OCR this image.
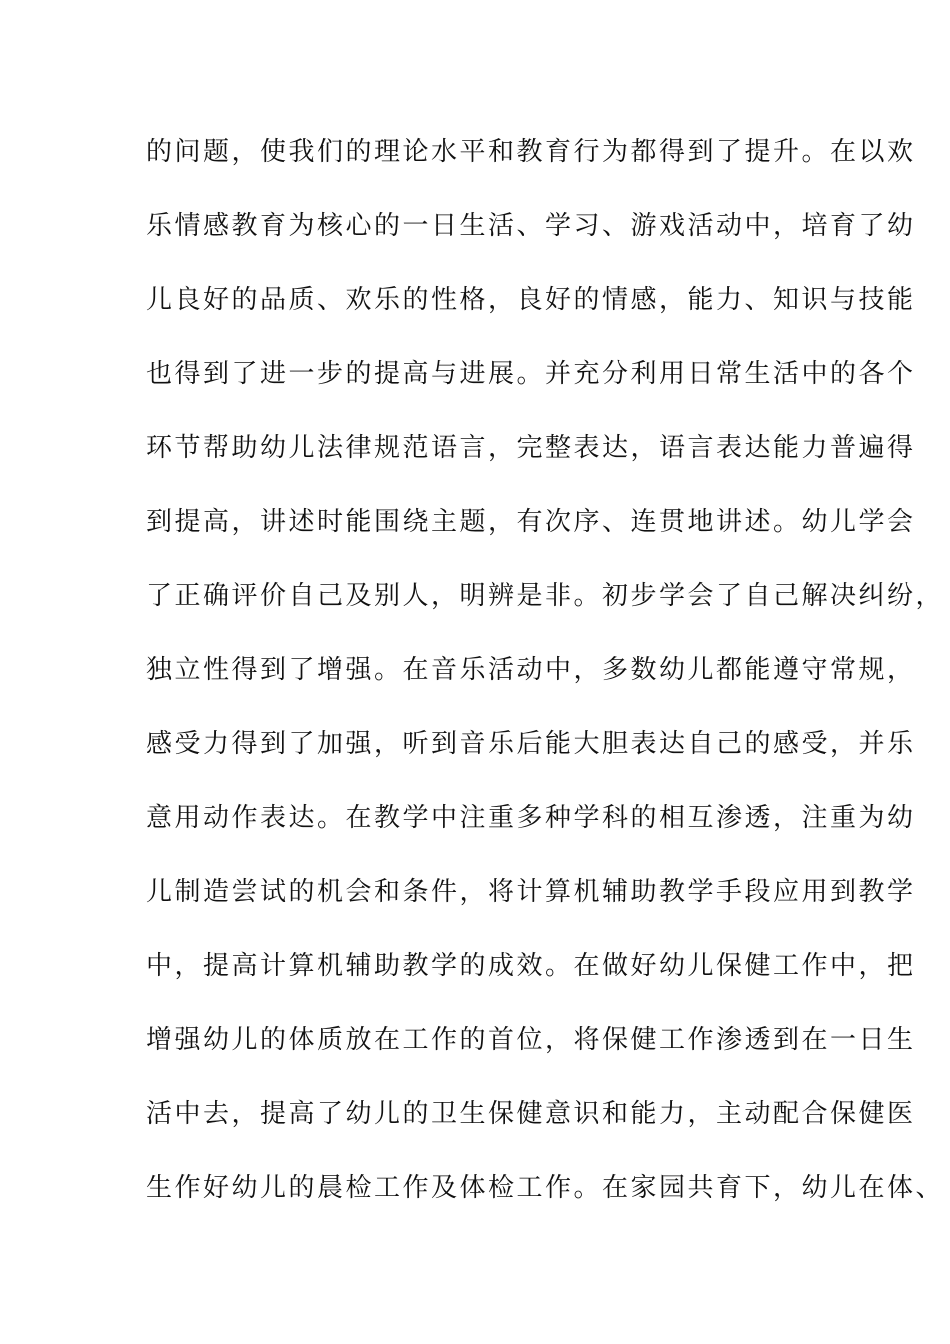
的问题，使我们的理论水平和教育行为都得到了提升。在以欢
乐情感教育为核心的一日生活、学习、游戏活动中，培育了幼
儿良好的品质、欢乐的性格，良好的情感，能力、知识与技能
也得到了进一步的提高与进展。并充分利用日常生活中的各个
环节帮助幼儿法律规范语言，完整表达，语言表达能力普遍得
到提高，讲述时能围绕主题，有次序、连贯地讲述。幼儿学会
了正确评价自己及别人，明辨是非。初步学会了自己解决纠纷，
独立性得到了增强。在音乐活动中，多数幼儿都能遵守常规，
感受力得到了加强，听到音乐后能大胆表达自己的感受，并乐
意用动作表达。在教学中注重多种学科的相互渗透，注重为幼
儿制造尝试的机会和条件，将计算机辅助教学手段应用到教学
中，提高计算机辅助教学的成效。在做好幼儿保健工作中，把
增强幼儿的体质放在工作的首位，将保健工作渗透到在一日生
活中去，提高了幼儿的卫生保健意识和能力，主动配合保健医
生作好幼儿的晨检工作及体检工作。在家园共育下，幼儿在体、
